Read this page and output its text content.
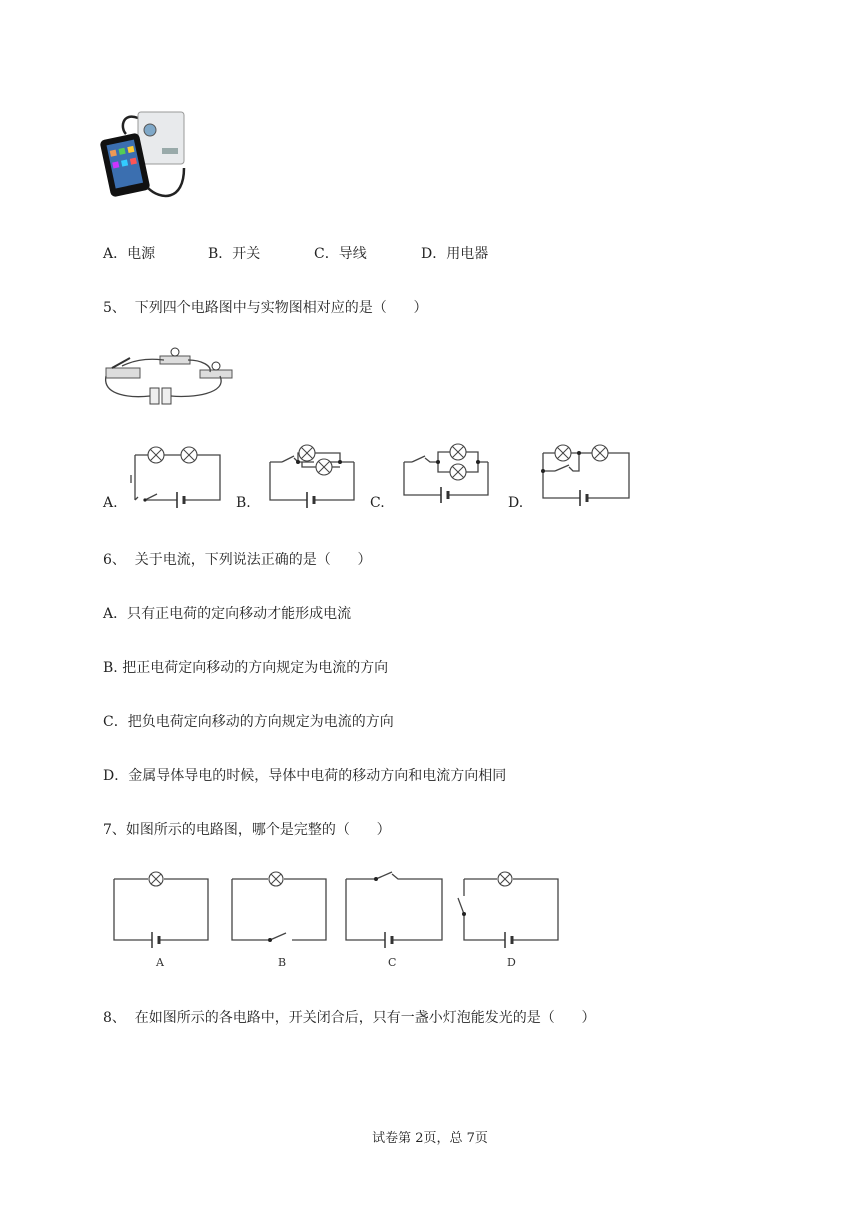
A．电源	B．开关	C．导线	D．用电器
5、  下列四个电路图中与实物图相对应的是（      ）
A.	B.	C.	D.
6、  关于电流，下列说法正确的是（      ）
A．只有正电荷的定向移动才能形成电流
B. 把正电荷定向移动的方向规定为电流的方向
C．把负电荷定向移动的方向规定为电流的方向
D．金属导体导电的时候，导体中电荷的移动方向和电流方向相同
7、如图所示的电路图，哪个是完整的（      ）
A	B	C	D
8、  在如图所示的各电路中，开关闭合后，只有一盏小灯泡能发光的是（      ）
试卷第 2页，总 7页
